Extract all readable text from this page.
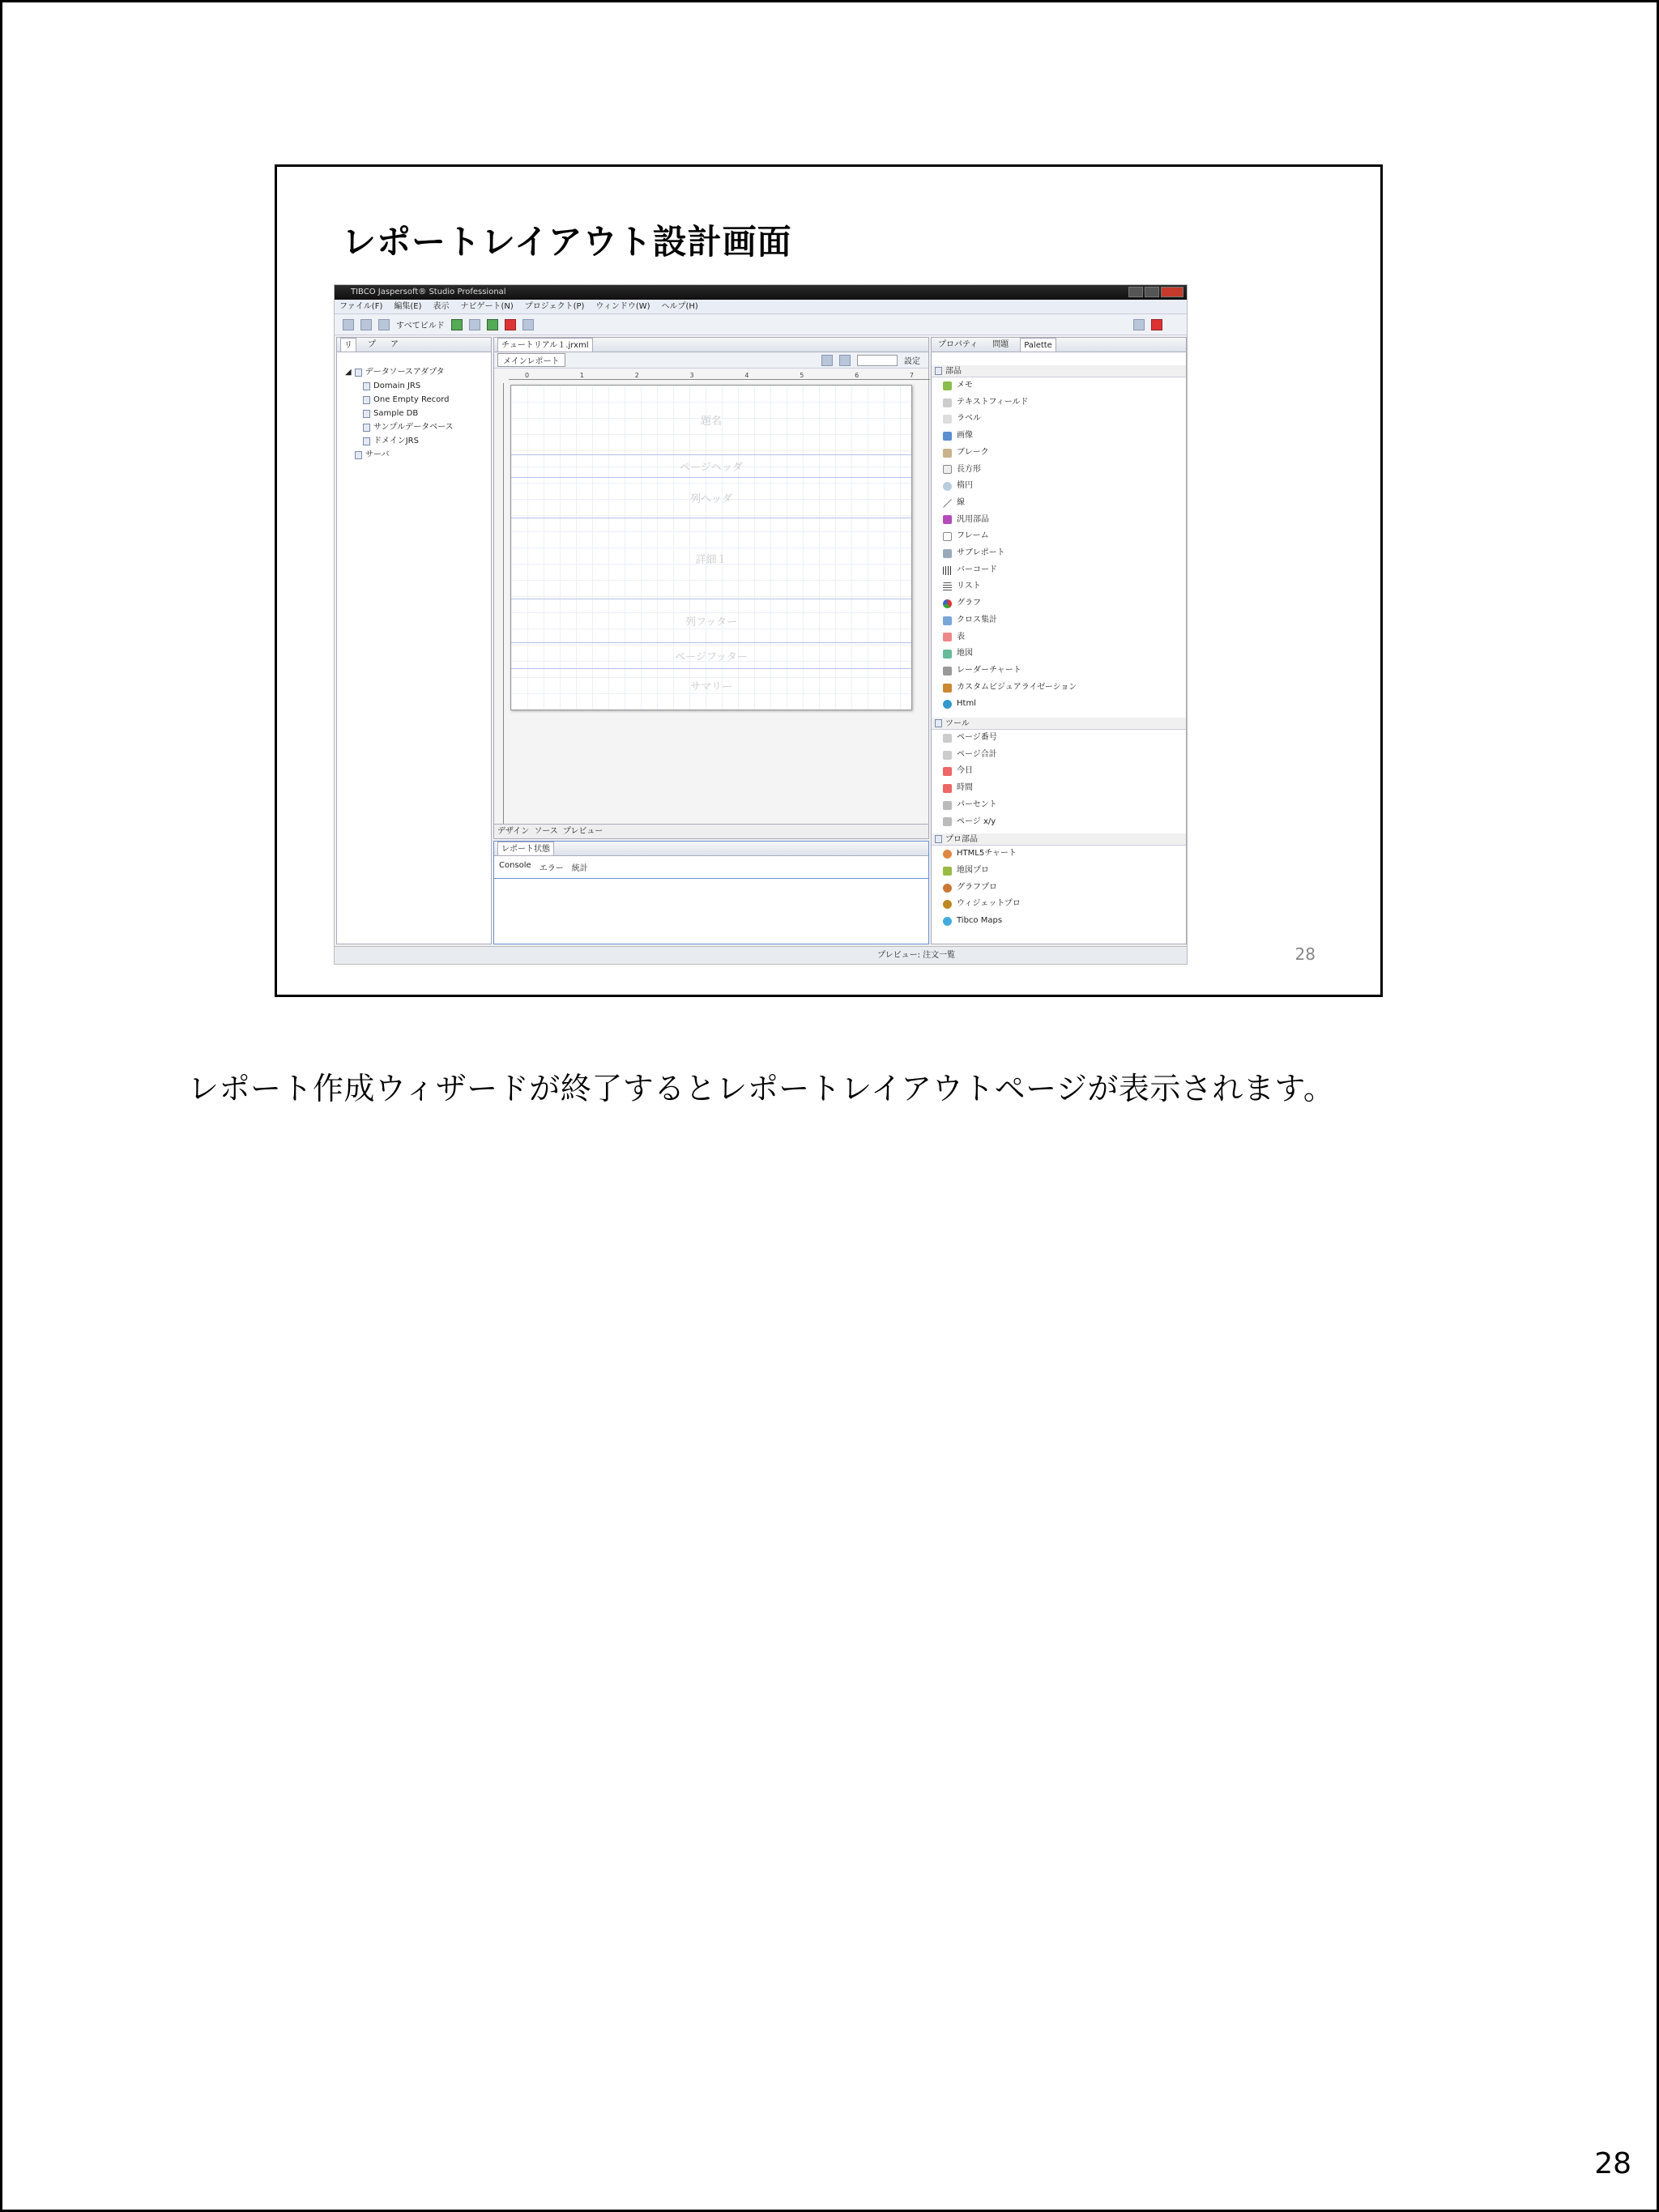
レポートレイアウト設計画面
TIBCO Jaspersoft® Studio Professional
ファイル(F) 編集(E) 表示 ナビゲート(N) プロジェクト(P) ウィンドウ(W) ヘルプ(H)
すべてビルド
リ	プ	ア
◢ データソースアダプタ
Domain JRS
One Empty Record
Sample DB
サンプルデータベース
ドメインJRS
サーバ
チュートリアル１.jrxml
メインレポート	設定
0	1	2	3	4	5	6	7
題名
ページヘッダ
列ヘッダ
詳細１
列フッター
ページフッター
サマリー
デザイン ソース プレビュー
レポート状態
Console エラー 統計
プロパティ	問題	Palette
部品
メモ
テキストフィールド
ラベル
画像
ブレーク
長方形
楕円
線
汎用部品
フレーム
サブレポート
バーコード
リスト
グラフ
クロス集計
表
地図
レーダーチャート
カスタムビジュアライゼーション
Html
ツール
ページ番号
ページ合計
今日
時間
パーセント
ページ x/y
プロ部品
HTML5チャート
地図プロ
グラフプロ
ウィジェットプロ
Tibco Maps
プレビュー: 注文一覧	28
レポート作成ウィザードが終了するとレポートレイアウトページが表示されます。
28
